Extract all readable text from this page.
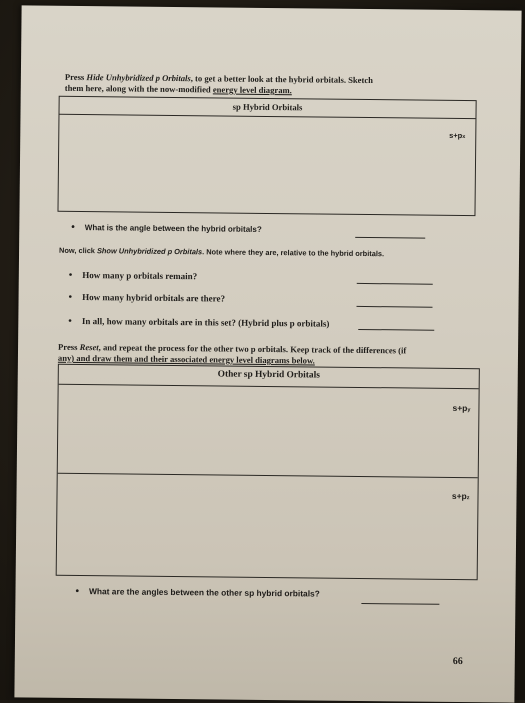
Press Hide Unhybridized p Orbitals, to get a better look at the hybrid orbitals. Sketch
them here, along with the now-modified energy level diagram.
sp Hybrid Orbitals
s+px
• What is the angle between the hybrid orbitals?
Now, click Show Unhybridized p Orbitals. Note where they are, relative to the hybrid orbitals.
• How many p orbitals remain?
• How many hybrid orbitals are there?
• In all, how many orbitals are in this set? (Hybrid plus p orbitals)
Press Reset, and repeat the process for the other two p orbitals. Keep track of the differences (if
any) and draw them and their associated energy level diagrams below.
Other sp Hybrid Orbitals
s+py
s+pz
• What are the angles between the other sp hybrid orbitals?
66
